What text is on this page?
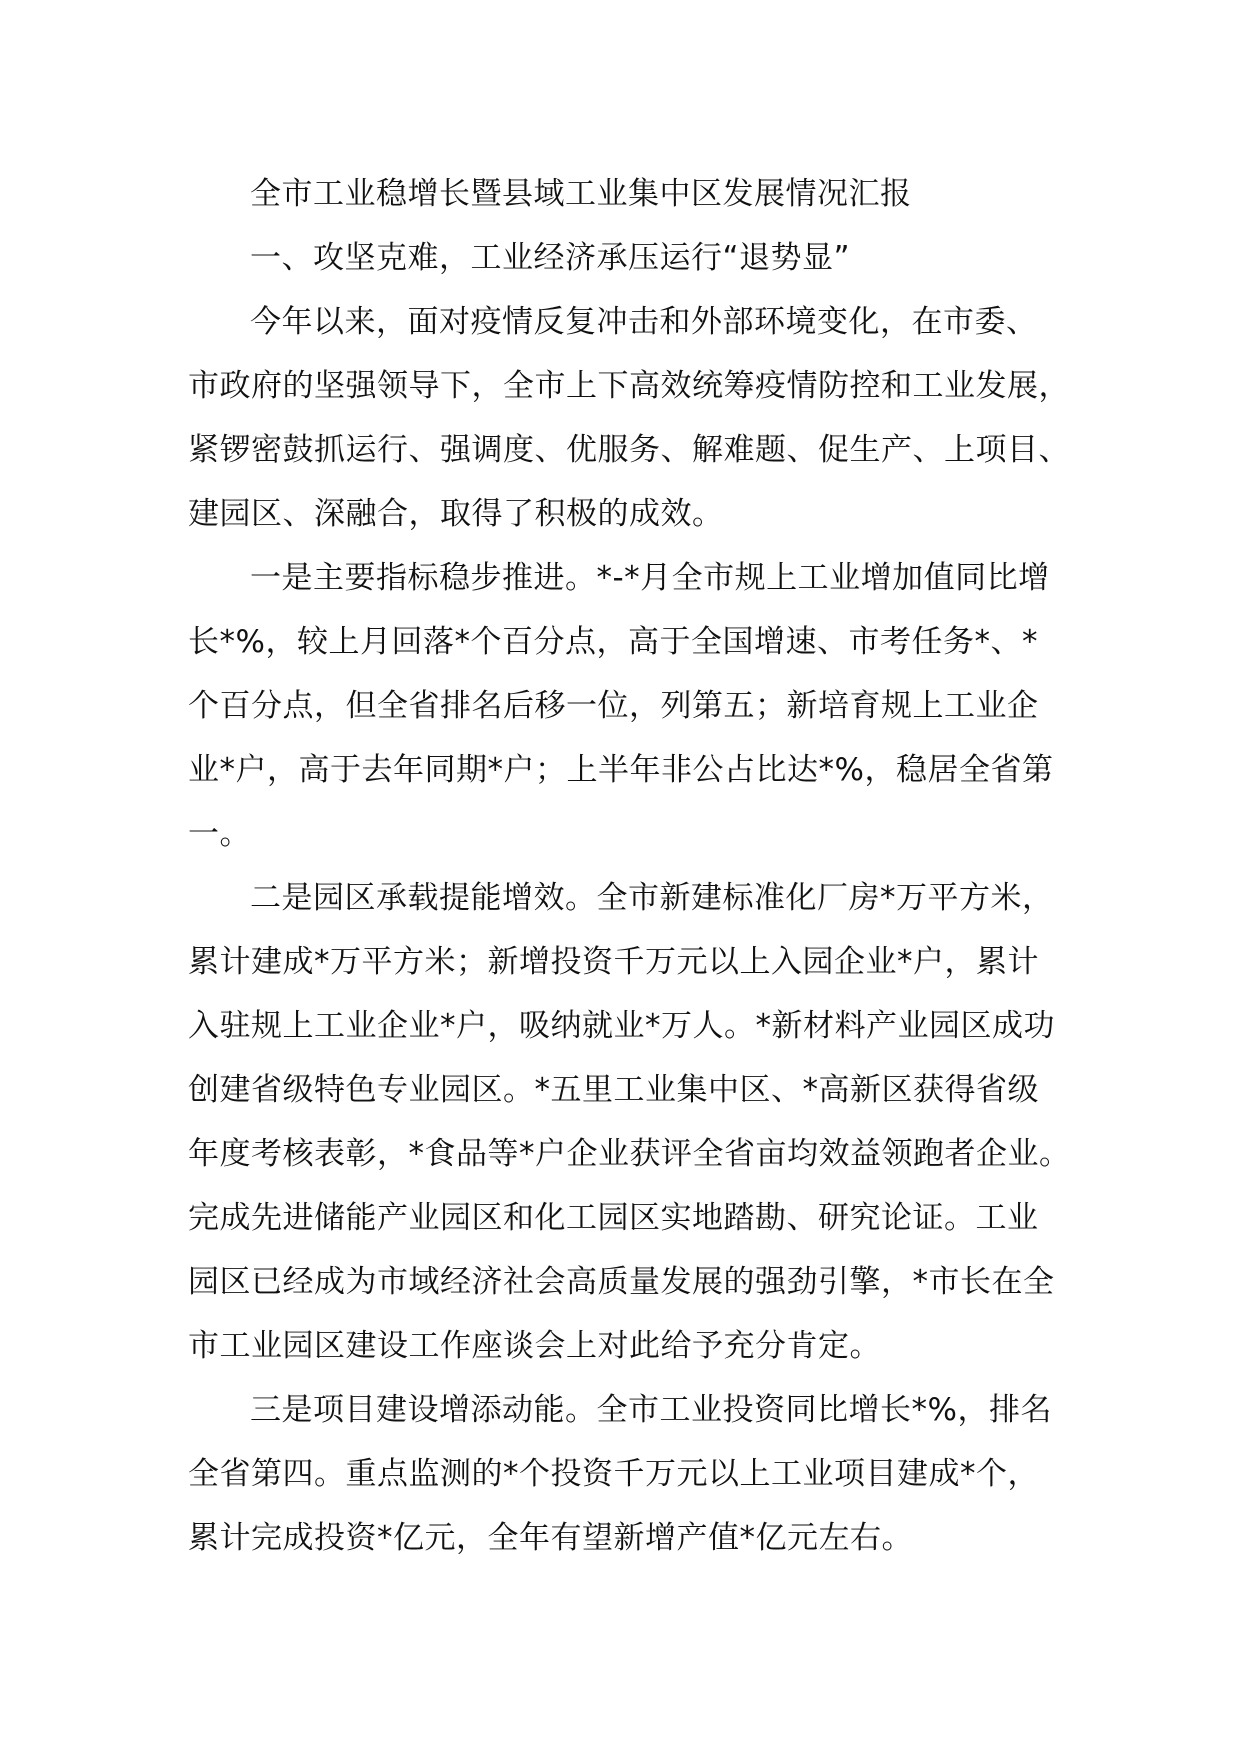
全市工业稳增长暨县域工业集中区发展情况汇报

一、攻坚克难，工业经济承压运行“退势显”

今年以来，面对疫情反复冲击和外部环境变化，在市委、

市政府的坚强领导下，全市上下高效统筹疫情防控和工业发展，

紧锣密鼓抓运行、强调度、优服务、解难题、促生产、上项目、

建园区、深融合，取得了积极的成效。

一是主要指标稳步推进。*-*月全市规上工业增加值同比增

长*%，较上月回落*个百分点，高于全国增速、市考任务*、*

个百分点，但全省排名后移一位，列第五；新培育规上工业企

业*户，高于去年同期*户；上半年非公占比达*%，稳居全省第

一。

二是园区承载提能增效。全市新建标准化厂房*万平方米，

累计建成*万平方米；新增投资千万元以上入园企业*户，累计

入驻规上工业企业*户，吸纳就业*万人。*新材料产业园区成功

创建省级特色专业园区。*五里工业集中区、*高新区获得省级

年度考核表彰，*食品等*户企业获评全省亩均效益领跑者企业。

完成先进储能产业园区和化工园区实地踏勘、研究论证。工业

园区已经成为市域经济社会高质量发展的强劲引擎，*市长在全

市工业园区建设工作座谈会上对此给予充分肯定。

三是项目建设增添动能。全市工业投资同比增长*%，排名

全省第四。重点监测的*个投资千万元以上工业项目建成*个，

累计完成投资*亿元，全年有望新增产值*亿元左右。
